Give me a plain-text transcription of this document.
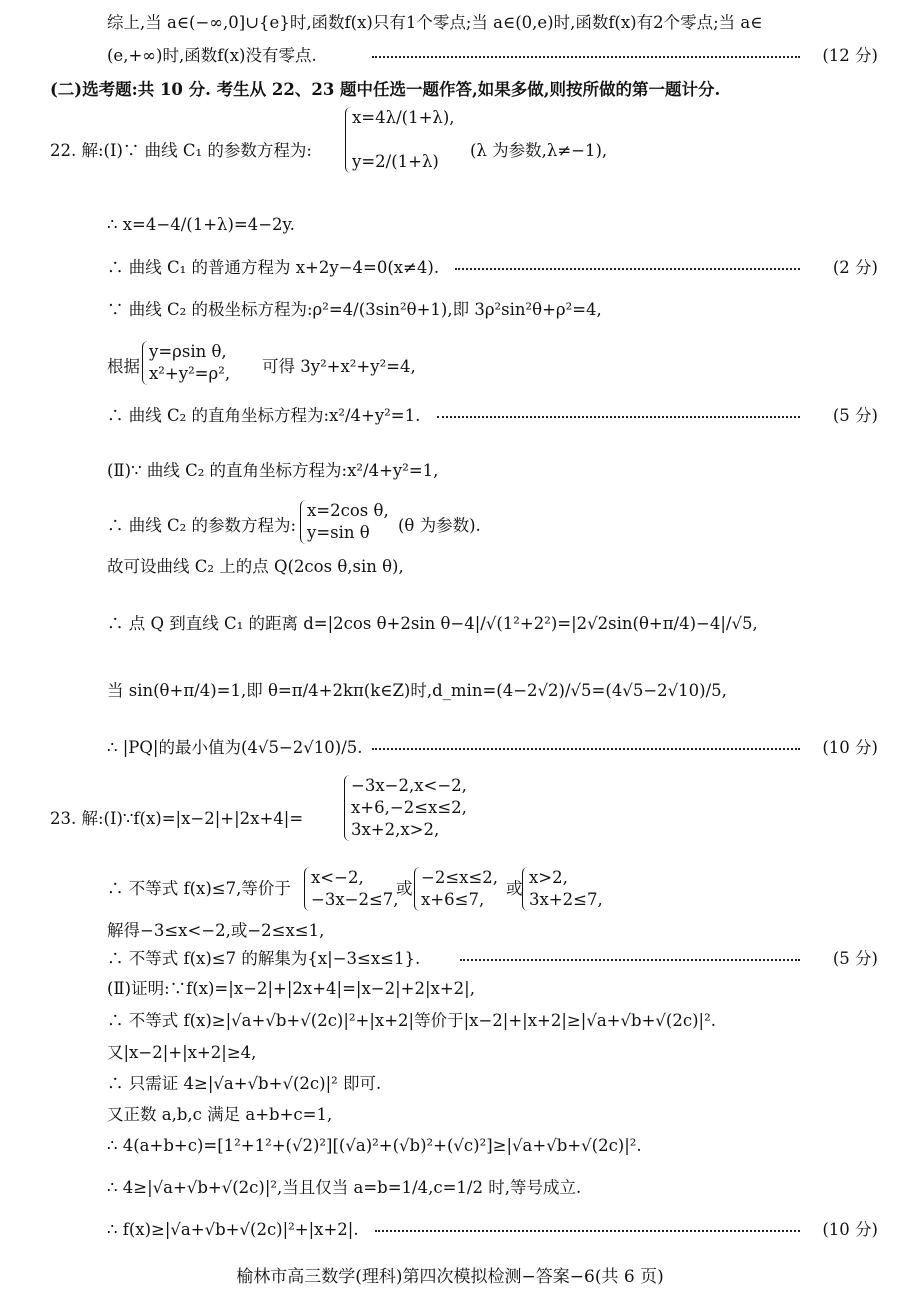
综上,当 a∈(−∞,0]∪{e}时,函数f(x)只有1个零点;当 a∈(0,e)时,函数f(x)有2个零点;当 a∈
(e,+∞)时,函数f(x)没有零点.	(12 分)
(二)选考题:共 10 分. 考生从 22、23 题中任选一题作答,如果多做,则按所做的第一题计分.
22. 解:(Ⅰ)∵ 曲线 C₁ 的参数方程为:
x=4λ/(1+λ),
y=2/(1+λ)
(λ 为参数,λ≠−1),
∴ x=4−4/(1+λ)=4−2y.
∴ 曲线 C₁ 的普通方程为 x+2y−4=0(x≠4).	(2 分)
∵ 曲线 C₂ 的极坐标方程为:ρ²=4/(3sin²θ+1),即 3ρ²sin²θ+ρ²=4,
根据
y=ρsin θ,
x²+y²=ρ², 可得 3y²+x²+y²=4,
∴ 曲线 C₂ 的直角坐标方程为:x²/4+y²=1.	(5 分)
(Ⅱ)∵ 曲线 C₂ 的直角坐标方程为:x²/4+y²=1,
∴ 曲线 C₂ 的参数方程为:
x=2cos θ,
y=sin θ	(θ 为参数).
故可设曲线 C₂ 上的点 Q(2cos θ,sin θ),
∴ 点 Q 到直线 C₁ 的距离 d=|2cos θ+2sin θ−4|/√(1²+2²)=|2√2sin(θ+π/4)−4|/√5,
当 sin(θ+π/4)=1,即 θ=π/4+2kπ(k∈Z)时,d_min=(4−2√2)/√5=(4√5−2√10)/5,
∴ |PQ|的最小值为(4√5−2√10)/5.	(10 分)
23. 解:(Ⅰ)∵f(x)=|x−2|+|2x+4|=
−3x−2,x<−2,
x+6,−2≤x≤2,
3x+2,x>2,
∴ 不等式 f(x)≤7,等价于
x<−2,
−3x−2≤7,
或
−2≤x≤2,
x+6≤7,
或
x>2,
3x+2≤7,
解得−3≤x<−2,或−2≤x≤1,
∴ 不等式 f(x)≤7 的解集为{x|−3≤x≤1}.	(5 分)
(Ⅱ)证明:∵f(x)=|x−2|+|2x+4|=|x−2|+2|x+2|,
∴ 不等式 f(x)≥|√a+√b+√(2c)|²+|x+2|等价于|x−2|+|x+2|≥|√a+√b+√(2c)|².
又|x−2|+|x+2|≥4,
∴ 只需证 4≥|√a+√b+√(2c)|² 即可.
又正数 a,b,c 满足 a+b+c=1,
∴ 4(a+b+c)=[1²+1²+(√2)²][(√a)²+(√b)²+(√c)²]≥|√a+√b+√(2c)|².
∴ 4≥|√a+√b+√(2c)|²,当且仅当 a=b=1/4,c=1/2 时,等号成立.
∴ f(x)≥|√a+√b+√(2c)|²+|x+2|.	(10 分)
榆林市高三数学(理科)第四次模拟检测−答案−6(共 6 页)
